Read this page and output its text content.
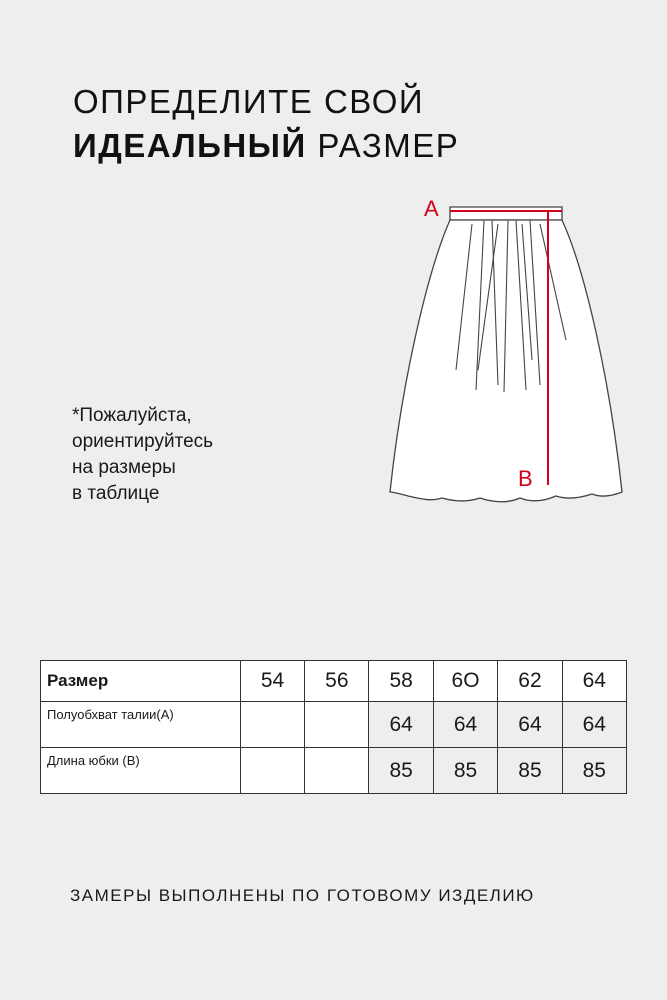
ОПРЕДЕЛИТЕ СВОЙ
ИДЕАЛЬНЫЙ РАЗМЕР
A
B
*Пожалуйста,
ориентируйтесь
на размеры
в таблице
Размер	54	56	58	6О	62	64
Полуобхват талии(А)			64	64	64	64
Длина юбки (В)			85	85	85	85
ЗАМЕРЫ ВЫПОЛНЕНЫ ПО ГОТОВОМУ ИЗДЕЛИЮ
